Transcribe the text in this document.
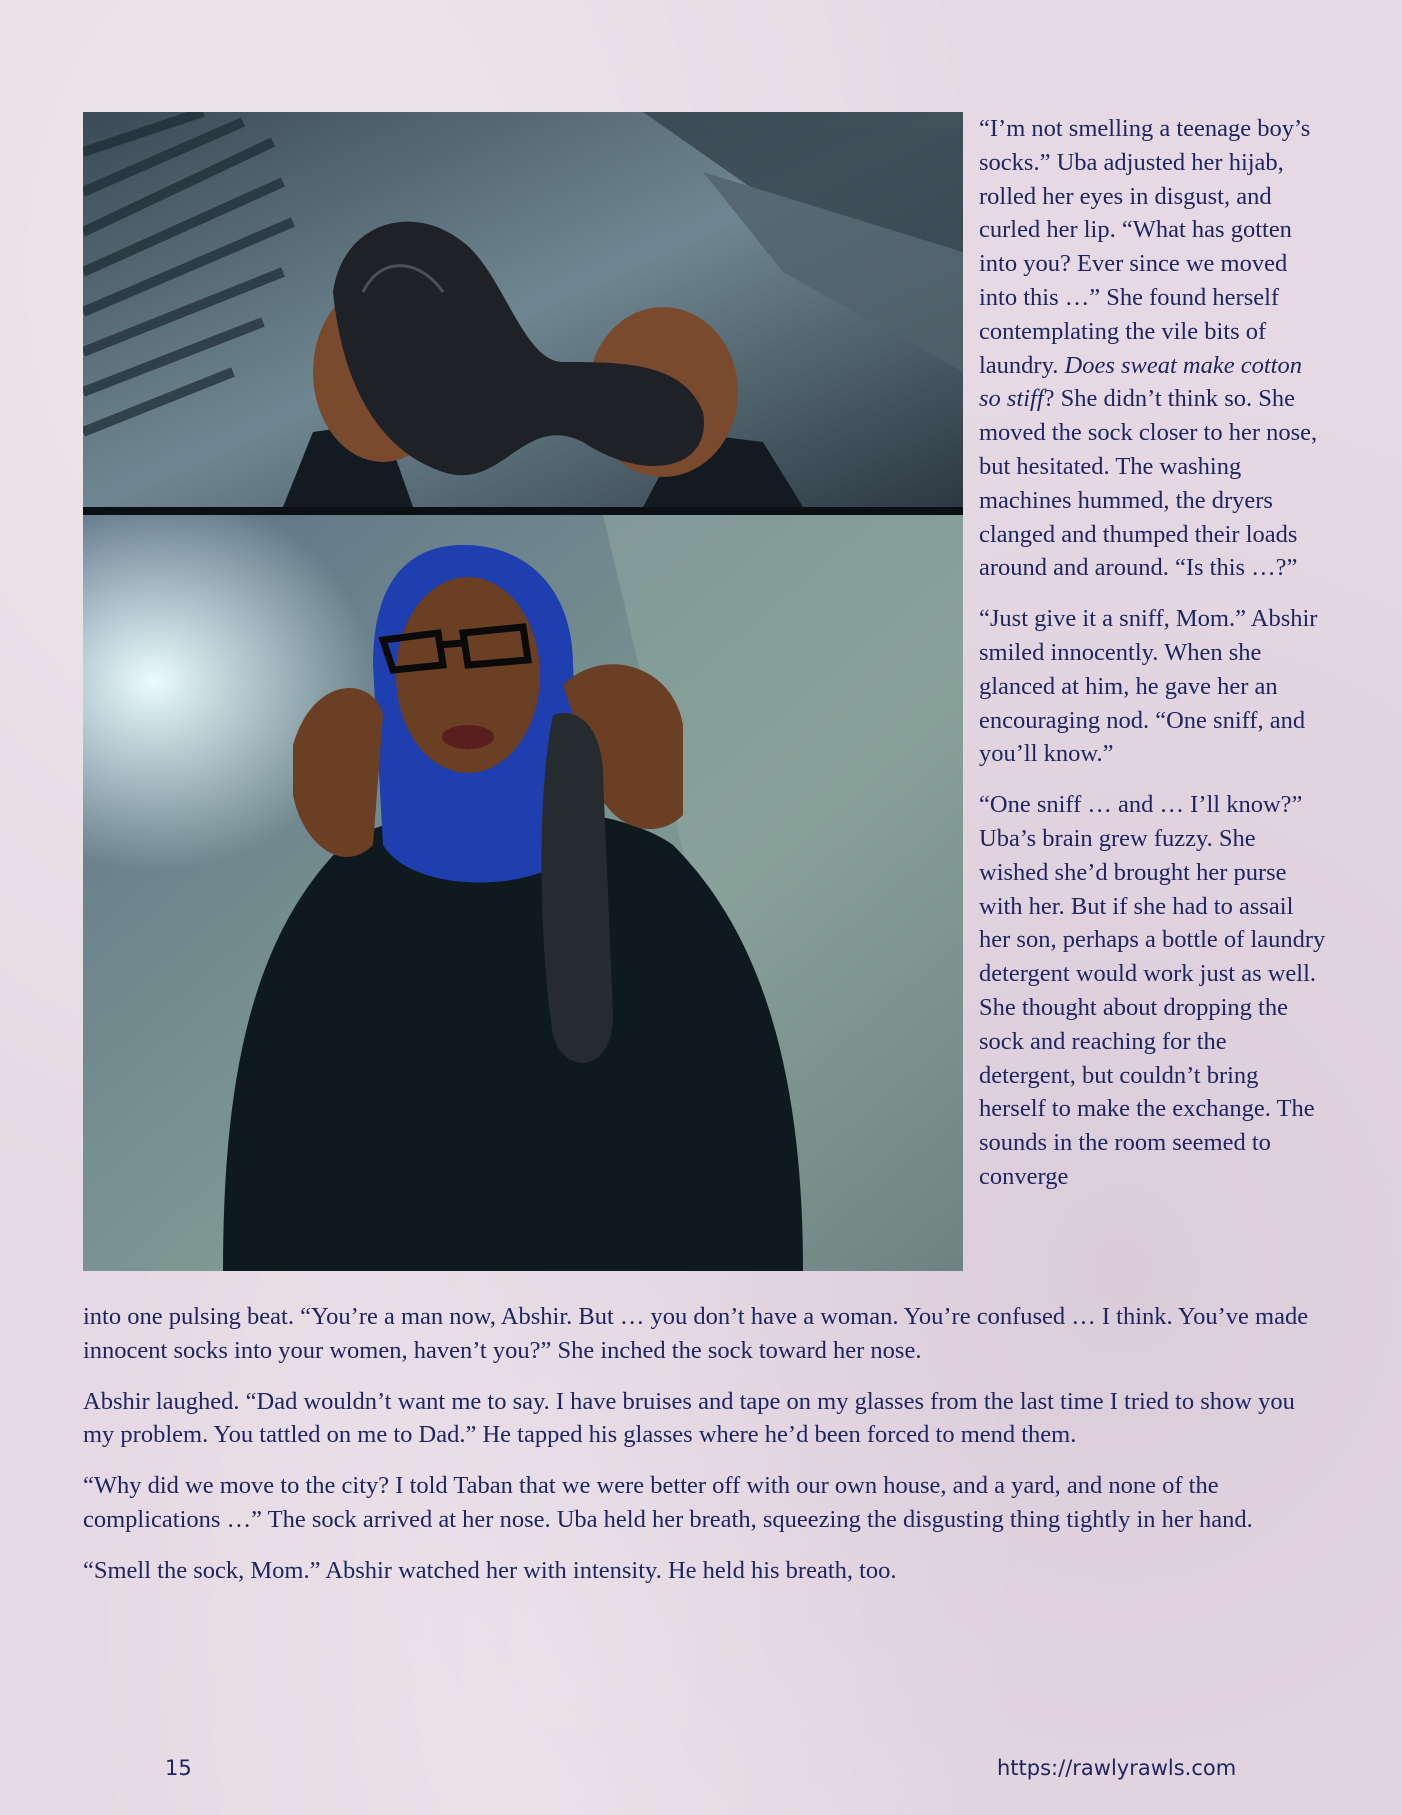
“I’m not smelling a teenage boy’s socks.” Uba adjusted her hijab, rolled her eyes in disgust, and curled her lip. “What has gotten into you? Ever since we moved into this …” She found herself contemplating the vile bits of laundry. Does sweat make cotton so stiff? She didn’t think so. She moved the sock closer to her nose, but hesitated. The washing machines hummed, the dryers clanged and thumped their loads around and around. “Is this …?”

“Just give it a sniff, Mom.” Abshir smiled innocently. When she glanced at him, he gave her an encouraging nod. “One sniff, and you’ll know.”

“One sniff … and … I’ll know?” Uba’s brain grew fuzzy. She wished she’d brought her purse with her. But if she had to assail her son, perhaps a bottle of laundry detergent would work just as well. She thought about dropping the sock and reaching for the detergent, but couldn’t bring herself to make the exchange. The sounds in the room seemed to converge

into one pulsing beat. “You’re a man now, Abshir. But … you don’t have a woman. You’re confused … I think. You’ve made innocent socks into your women, haven’t you?” She inched the sock toward her nose.

Abshir laughed. “Dad wouldn’t want me to say. I have bruises and tape on my glasses from the last time I tried to show you my problem. You tattled on me to Dad.” He tapped his glasses where he’d been forced to mend them.

“Why did we move to the city? I told Taban that we were better off with our own house, and a yard, and none of the complications …” The sock arrived at her nose. Uba held her breath, squeezing the disgusting thing tightly in her hand.

“Smell the sock, Mom.” Abshir watched her with intensity. He held his breath, too.

15	https://rawlyrawls.com
